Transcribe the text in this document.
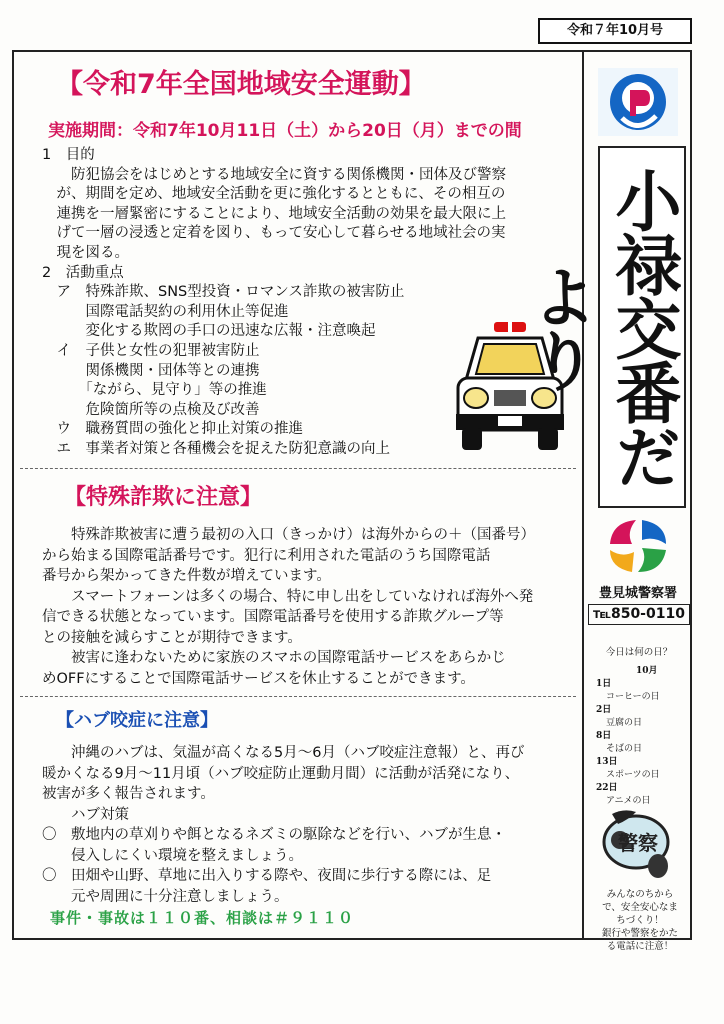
令和７年10月号
【令和7年全国地域安全運動】
実施期間：令和7年10月11日（土）から20日（月）までの間
1　目的
　　防犯協会をはじめとする地域安全に資する関係機関・団体及び警察
　が、期間を定め、地域安全活動を更に強化するとともに、その相互の
　連携を一層緊密にすることにより、地域安全活動の効果を最大限に上
　げて一層の浸透と定着を図り、もって安心して暮らせる地域社会の実
　現を図る。
2　活動重点
　ア　特殊詐欺、SNS型投資・ロマンス詐欺の被害防止
　　　国際電話契約の利用休止等促進
　　　変化する欺罔の手口の迅速な広報・注意喚起
　イ　子供と女性の犯罪被害防止
　　　関係機関・団体等との連携
　　　「ながら、見守り」等の推進
　　　危険箇所等の点検及び改善
　ウ　職務質問の強化と抑止対策の推進
　エ　事業者対策と各種機会を捉えた防犯意識の向上
【特殊詐欺に注意】
　　特殊詐欺被害に遭う最初の入口（きっかけ）は海外からの＋（国番号）
から始まる国際電話番号です。犯行に利用された電話のうち国際電話
番号から架かってきた件数が増えています。
　　スマートフォーンは多くの場合、特に申し出をしていなければ海外へ発
信できる状態となっています。国際電話番号を使用する詐欺グループ等
との接触を減らすことが期待できます。
　　被害に逢わないために家族のスマホの国際電話サービスをあらかじ
めOFFにすることで国際電話サービスを休止することができます。
【ハブ咬症に注意】
　　沖縄のハブは、気温が高くなる5月～6月（ハブ咬症注意報）と、再び
暖かくなる9月～11月頃（ハブ咬症防止運動月間）に活動が活発になり、
被害が多く報告されます。
　　ハブ対策
〇　敷地内の草刈りや餌となるネズミの駆除などを行い、ハブが生息・
　　侵入しにくい環境を整えましょう。
〇　田畑や山野、草地に出入りする際や、夜間に歩行する際には、足
　　元や周囲に十分注意しましょう。
事件・事故は１１０番、相談は＃９１１０
小禄交番だより
豊見城警察署
℡850-0110
今日は何の日？
10月
1日
コーヒーの日
2日
豆腐の日
8日
そばの日
13日
スポーツの日
22日
アニメの日
警察
みんなのちから
で、安全安心なま
ちづくり！
銀行や警察をかた
る電話に注意！
